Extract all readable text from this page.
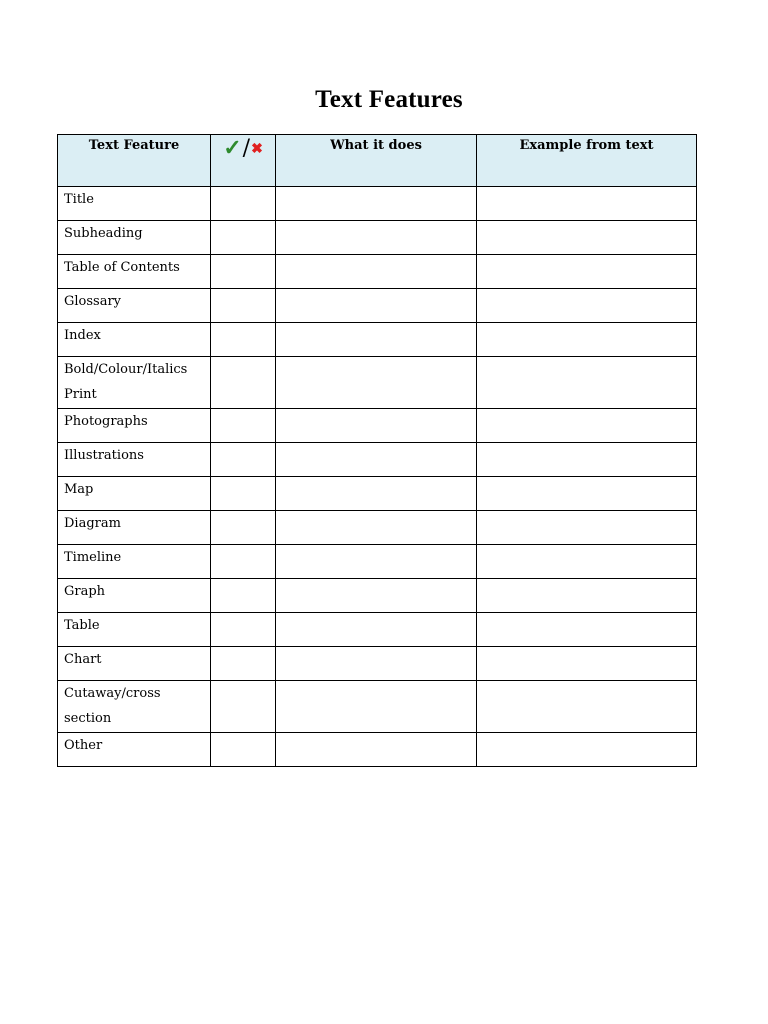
Text Features
Text Feature	✓/✖	What it does	Example from text
Title			
Subheading			
Table of Contents			
Glossary			
Index			
Bold/Colour/Italics Print			
Photographs			
Illustrations			
Map			
Diagram			
Timeline			
Graph			
Table			
Chart			
Cutaway/cross section			
Other			
